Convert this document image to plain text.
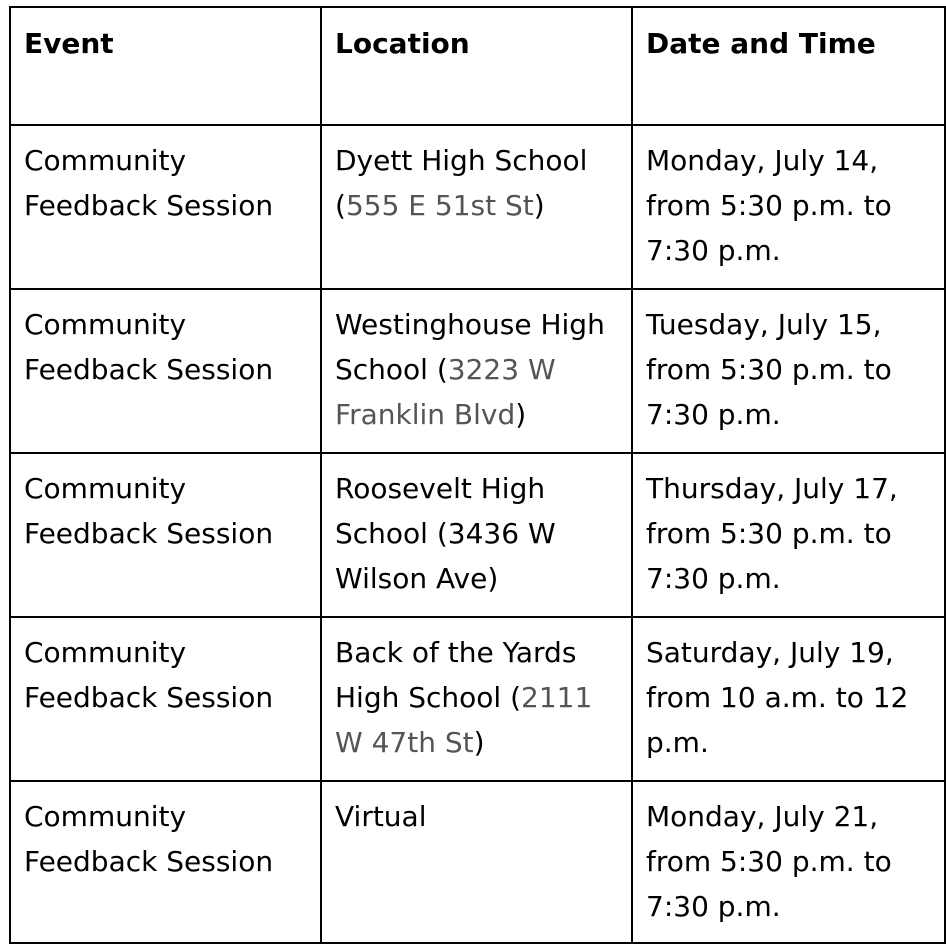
Event	Location	Date and Time
Community Feedback Session	Dyett High School (555 E 51st St)	Monday, July 14, from 5:30 p.m. to 7:30 p.m.
Community Feedback Session	Westinghouse High School (3223 W Franklin Blvd)	Tuesday, July 15, from 5:30 p.m. to 7:30 p.m.
Community Feedback Session	Roosevelt High School (3436 W Wilson Ave)	Thursday, July 17, from 5:30 p.m. to 7:30 p.m.
Community Feedback Session	Back of the Yards High School (2111 W 47th St)	Saturday, July 19, from 10 a.m. to 12 p.m.
Community Feedback Session	Virtual	Monday, July 21, from 5:30 p.m. to 7:30 p.m.
